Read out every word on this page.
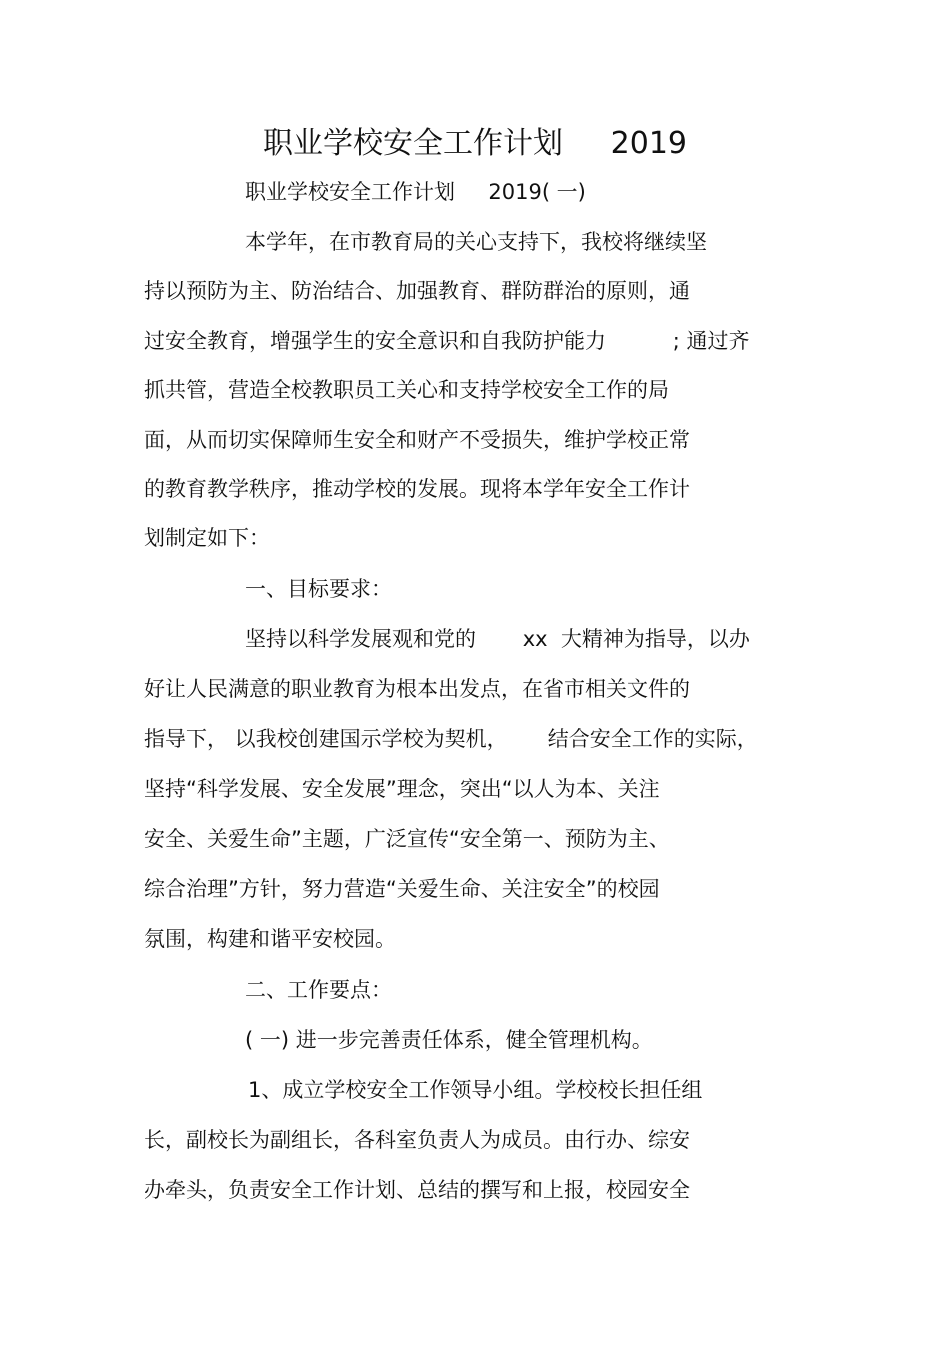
职业学校安全工作计划     2019
职业学校安全工作计划     2019( 一)
本学年，在市教育局的关心支持下，我校将继续坚
持以预防为主、防治结合、加强教育、群防群治的原则，通
过安全教育，增强学生的安全意识和自我防护能力          ; 通过齐
抓共管，营造全校教职员工关心和支持学校安全工作的局
面，从而切实保障师生安全和财产不受损失，维护学校正常
的教育教学秩序，推动学校的发展。现将本学年安全工作计
划制定如下：
一、目标要求：
坚持以科学发展观和党的       xx  大精神为指导，以办
好让人民满意的职业教育为根本出发点，在省市相关文件的
指导下， 以我校创建国示学校为契机，      结合安全工作的实际，
坚持“科学发展、安全发展”理念，突出“以人为本、关注
安全、关爱生命”主题，广泛宣传“安全第一、预防为主、
综合治理”方针，努力营造“关爱生命、关注安全”的校园
氛围，构建和谐平安校园。
二、工作要点：
( 一) 进一步完善责任体系，健全管理机构。
1、成立学校安全工作领导小组。学校校长担任组
长，副校长为副组长，各科室负责人为成员。由行办、综安
办牵头，负责安全工作计划、总结的撰写和上报，校园安全
